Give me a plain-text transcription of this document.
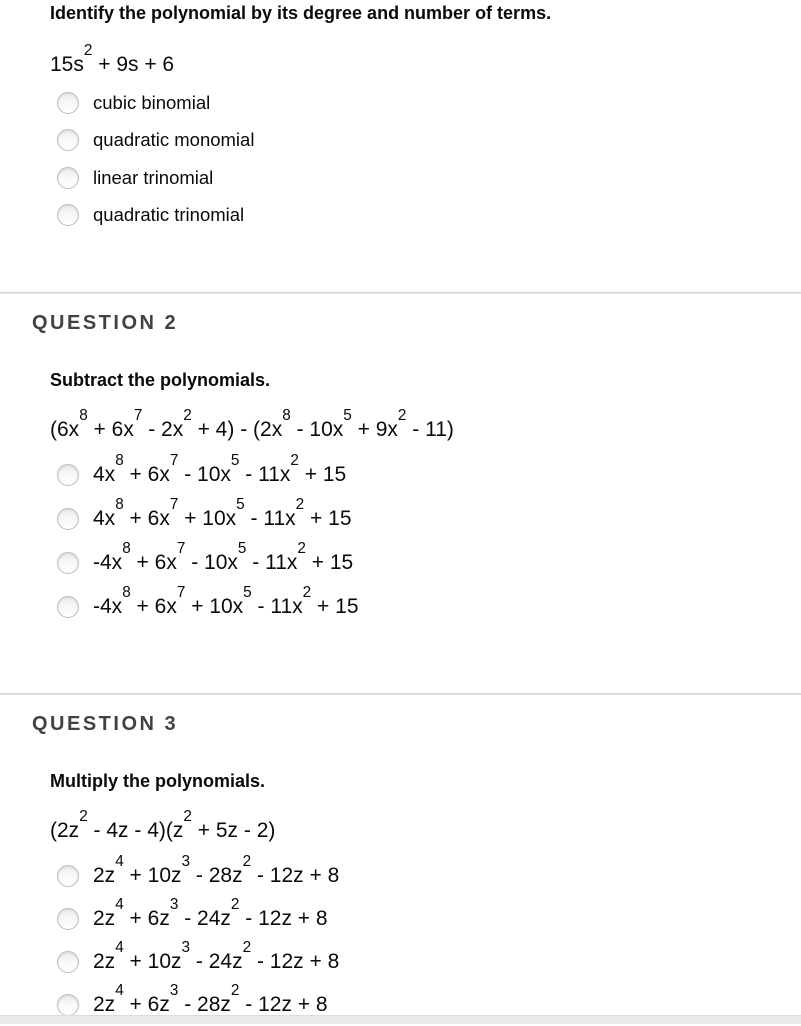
Identify the polynomial by its degree and number of terms.
$15s^2 + 9s + 6$
cubic binomial
quadratic monomial
linear trinomial
quadratic trinomial
QUESTION 2
Subtract the polynomials.
$(6x^8 + 6x^7 - 2x^2 + 4) - (2x^8 - 10x^5 + 9x^2 - 11)$
$4x^8 + 6x^7 - 10x^5 - 11x^2 + 15$
$4x^8 + 6x^7 + 10x^5 - 11x^2 + 15$
$-4x^8 + 6x^7 - 10x^5 - 11x^2 + 15$
$-4x^8 + 6x^7 + 10x^5 - 11x^2 + 15$
QUESTION 3
Multiply the polynomials.
$(2z^2 - 4z - 4)(z^2 + 5z - 2)$
$2z^4 + 10z^3 - 28z^2 - 12z + 8$
$2z^4 + 6z^3 - 24z^2 - 12z + 8$
$2z^4 + 10z^3 - 24z^2 - 12z + 8$
$2z^4 + 6z^3 - 28z^2 - 12z + 8$
